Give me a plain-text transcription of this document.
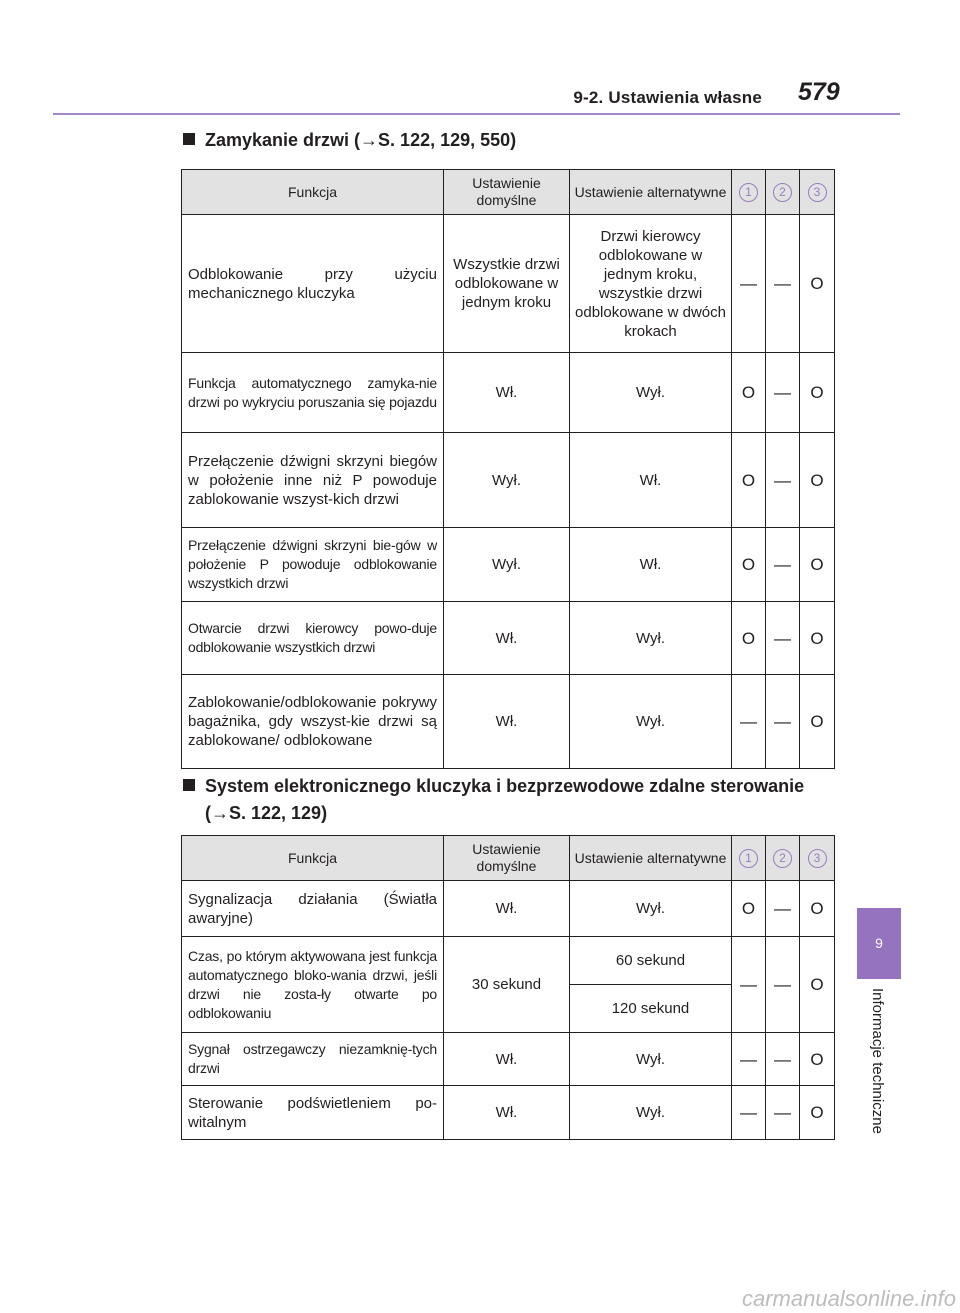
9-2. Ustawienia własne 579
Zamykanie drzwi (→S. 122, 129, 550)
Funkcja	Ustawienie domyślne	Ustawienie alternatywne	1	2	3
Odblokowanie przy użyciu mechanicznego kluczyka	Wszystkie drzwi odblokowane w jednym kroku	Drzwi kierowcy odblokowane w jednym kroku, wszystkie drzwi odblokowane w dwóch krokach	—	—	O
Funkcja automatycznego zamyka-nie drzwi po wykryciu poruszania się pojazdu	Wł.	Wył.	O	—	O
Przełączenie dźwigni skrzyni biegów w położenie inne niż P powoduje zablokowanie wszyst-kich drzwi	Wył.	Wł.	O	—	O
Przełączenie dźwigni skrzyni bie-gów w położenie P powoduje odblokowanie wszystkich drzwi	Wył.	Wł.	O	—	O
Otwarcie drzwi kierowcy powo-duje odblokowanie wszystkich drzwi	Wł.	Wył.	O	—	O
Zablokowanie/odblokowanie pokrywy bagażnika, gdy wszyst-kie drzwi są zablokowane/ odblokowane	Wł.	Wył.	—	—	O
System elektronicznego kluczyka i bezprzewodowe zdalne sterowanie
(→S. 122, 129)
Funkcja	Ustawienie domyślne	Ustawienie alternatywne	1	2	3
Sygnalizacja działania (Światła awaryjne)	Wł.	Wył.	O	—	O
Czas, po którym aktywowana jest funkcja automatycznego bloko-wania drzwi, jeśli drzwi nie zosta-ły otwarte po odblokowaniu	30 sekund	60 sekund	—	—	O
		120 sekund			
Sygnał ostrzegawczy niezamknię-tych drzwi	Wł.	Wył.	—	—	O
Sterowanie podświetleniem po-witalnym	Wł.	Wył.	—	—	O
9
Informacje techniczne
carmanualsonline.info
